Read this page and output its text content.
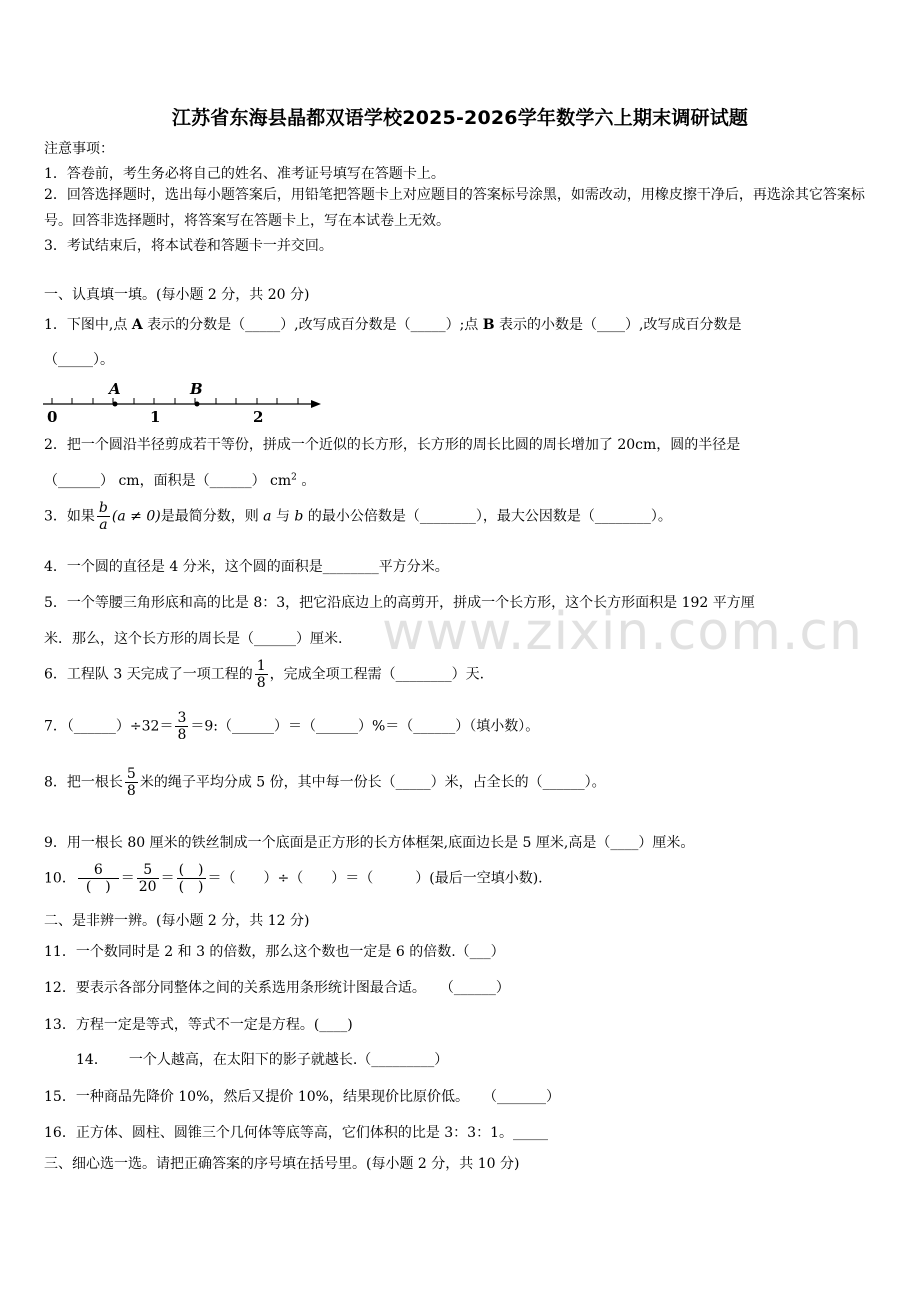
江苏省东海县晶都双语学校2025-2026学年数学六上期末调研试题
注意事项：
1．答卷前，考生务必将自己的姓名、准考证号填写在答题卡上。
2．回答选择题时，选出每小题答案后，用铅笔把答题卡上对应题目的答案标号涂黑，如需改动，用橡皮擦干净后，再选涂其它答案标号。回答非选择题时，将答案写在答题卡上，写在本试卷上无效。
3．考试结束后，将本试卷和答题卡一并交回。
一、认真填一填。(每小题 2 分，共 20 分)
1．下图中,点 A 表示的分数是（_____）,改写成百分数是（_____）;点 B 表示的小数是（____）,改写成百分数是
（_____）。
A	B
0	1	2
2．把一个圆沿半径剪成若干等份，拼成一个近似的长方形，长方形的周长比圆的周长增加了 20cm，圆的半径是
（______） cm，面积是（______） $cm^2$ 。
3．如果 $\frac{b}{a} (a \ne 0)$是最简分数，则 a 与 b 的最小公倍数是（________），最大公因数是（________）。
4．一个圆的直径是 4 分米，这个圆的面积是________平方分米。
5．一个等腰三角形底和高的比是 8：3，把它沿底边上的高剪开，拼成一个长方形，这个长方形面积是 192 平方厘
米．那么，这个长方形的周长是（______）厘米. www.zixin.com.cn
6．工程队 3 天完成了一项工程的 $\frac{1}{8}$ ，完成全项工程需（________）天.
7．（______）÷32＝ $\frac{3}{8}$ ＝9:（______）＝（______）%＝（______）（填小数）。
8．把一根长 $\frac{5}{8}$ 米的绳子平均分成 5 份，其中每一份长（_____）米，占全长的（______）。
9．用一根长 80 厘米的铁丝制成一个底面是正方形的长方体框架,底面边长是 5 厘米,高是（____）厘米。
10． $\frac{6}{( )} = \frac{5}{20} = \frac{( )}{( )}$ ＝（　　）÷（　　）＝（　　　）(最后一空填小数).
二、是非辨一辨。(每小题 2 分，共 12 分)
11．一个数同时是 2 和 3 的倍数，那么这个数也一定是 6 的倍数.（___）
12．要表示各部分同整体之间的关系选用条形统计图最合适。　　（______）
13．方程一定是等式，等式不一定是方程。(____)
14．　　一个人越高，在太阳下的影子就越长.（_________）
15．一种商品先降价 10%，然后又提价 10%，结果现价比原价低。　　（_______）
16．正方体、圆柱、圆锥三个几何体等底等高，它们体积的比是 3：3：1。_____
三、细心选一选。请把正确答案的序号填在括号里。(每小题 2 分，共 10 分)
